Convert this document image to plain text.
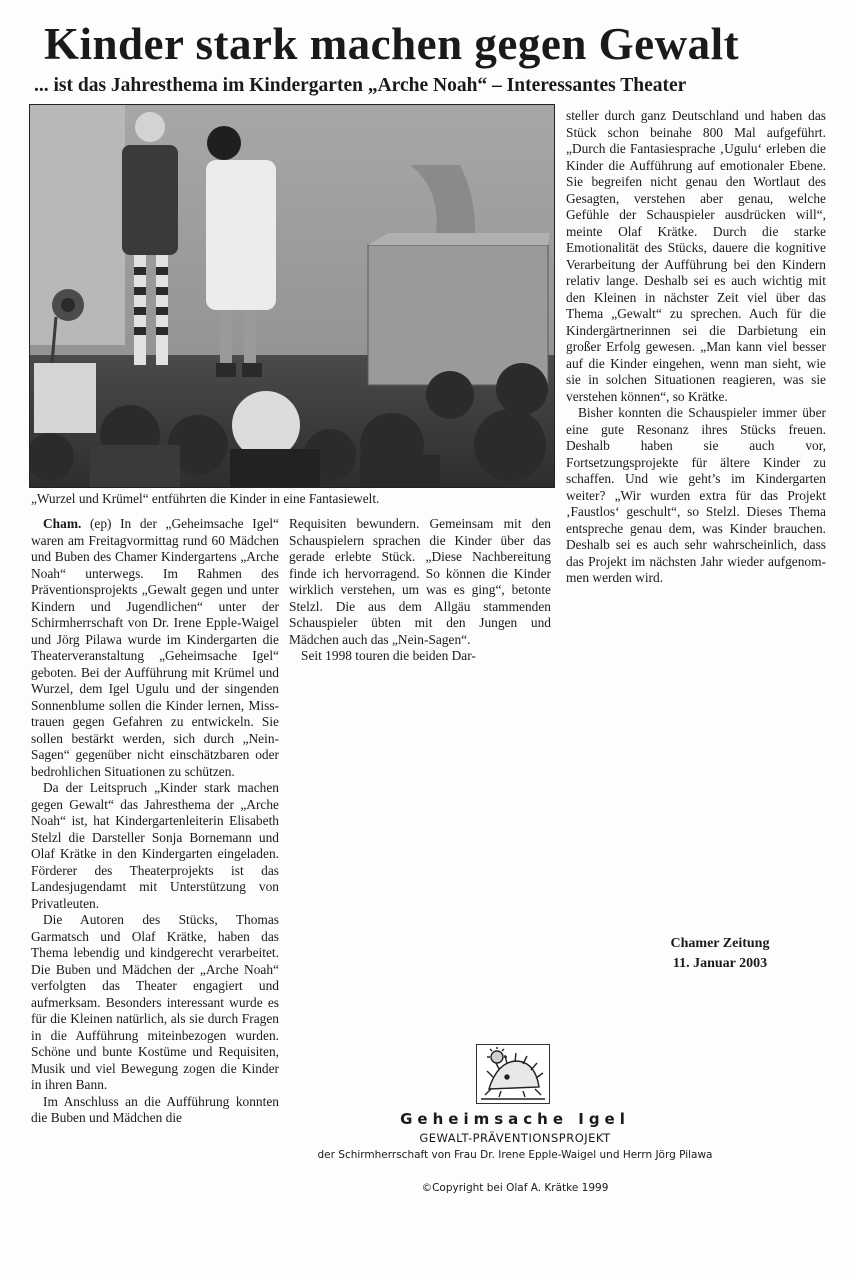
Kinder stark machen gegen Gewalt
... ist das Jahresthema im Kindergarten „Arche Noah“ – Interessantes Theater

„Wurzel und Krümel“ entführten die Kinder in eine Fantasiewelt.

Cham. (ep) In der „Geheimsache Igel“ waren am Freitagvormittag rund 60 Mädchen und Buben des Chamer Kindergartens „Arche Noah“ unterwegs. Im Rahmen des Präventionsprojekts „Gewalt gegen und unter Kindern und Jugendlichen“ unter der Schirmherrschaft von Dr. Irene Epple-Waigel und Jörg Pilawa wurde im Kindergarten die Theaterveranstaltung „Geheimsache Igel“ geboten. Bei der Aufführung mit Krümel und Wurzel, dem Igel Ugulu und der singenden Sonnenblume sollen die Kinder lernen, Misstrauen gegen Gefahren zu entwickeln. Sie sollen bestärkt werden, sich durch „Nein-Sagen“ gegenüber nicht einschätzbaren oder bedrohlichen Situationen zu schützen.

Da der Leitspruch „Kinder stark machen gegen Gewalt“ das Jahresthema der „Arche Noah“ ist, hat Kindergartenleiterin Elisabeth Stelzl die Darsteller Sonja Bornemann und Olaf Krätke in den Kindergarten eingeladen. Förderer des Theaterprojekts ist das Landesjugendamt mit Unterstützung von Privatleuten.

Die Autoren des Stücks, Thomas Garmatsch und Olaf Krätke, haben das Thema lebendig und kindgerecht verarbeitet. Die Buben und Mädchen der „Arche Noah“ verfolgten das Theater engagiert und aufmerksam. Besonders interessant wurde es für die Kleinen natürlich, als sie durch Fragen in die Aufführung miteinbezogen wurden. Schöne und bunte Kostüme und Requisiten, Musik und viel Bewegung zogen die Kinder in ihren Bann.

Im Anschluss an die Aufführung konnten die Buben und Mädchen die

Requisiten bewundern. Gemeinsam mit den Schauspielern sprachen die Kinder über das gerade erlebte Stück. „Diese Nachbereitung finde ich hervorragend. So können die Kinder wirklich verstehen, um was es ging“, betonte Stelzl. Die aus dem Allgäu stammenden Schauspieler übten mit den Jungen und Mädchen auch das „Nein-Sagen“.

Seit 1998 touren die beiden Dar-

steller durch ganz Deutschland und haben das Stück schon beinahe 800 Mal aufgeführt. „Durch die Fantasiesprache ‚Ugulu‘ erleben die Kinder die Aufführung auf emotionaler Ebene. Sie begreifen nicht genau den Wortlaut des Gesagten, verstehen aber genau, welche Gefühle der Schauspieler ausdrücken will“, meinte Olaf Krätke. Durch die starke Emotionalität des Stücks, dauere die kognitive Verarbeitung der Aufführung bei den Kindern relativ lange. Deshalb sei es auch wichtig mit den Kleinen in nächster Zeit viel über das Thema „Gewalt“ zu sprechen. Auch für die Kindergärtnerinnen sei die Darbietung ein großer Erfolg gewesen. „Man kann viel besser auf die Kinder eingehen, wenn man sieht, wie sie in solchen Situationen reagieren, was sie verstehen können“, so Krätke.

Bisher konnten die Schauspieler immer über eine gute Resonanz ihres Stücks freuen. Deshalb haben sie auch vor, Fortsetzungsprojekte für ältere Kinder zu schaffen. Und wie geht’s im Kindergarten weiter? „Wir wurden extra für das Projekt ‚Faustlos‘ geschult“, so Stelzl. Dieses Thema entspreche genau dem, was Kinder brauchen. Deshalb sei es auch sehr wahrscheinlich, dass das Projekt im nächsten Jahr wieder aufgenommen werden wird.

Chamer Zeitung
11. Januar 2003
Geheimsache Igel
GEWALT-PRÄVENTIONSPROJEKT
der Schirmherrschaft von Frau Dr. Irene Epple-Waigel und Herrn Jörg Pilawa
©Copyright bei Olaf A. Krätke 1999
